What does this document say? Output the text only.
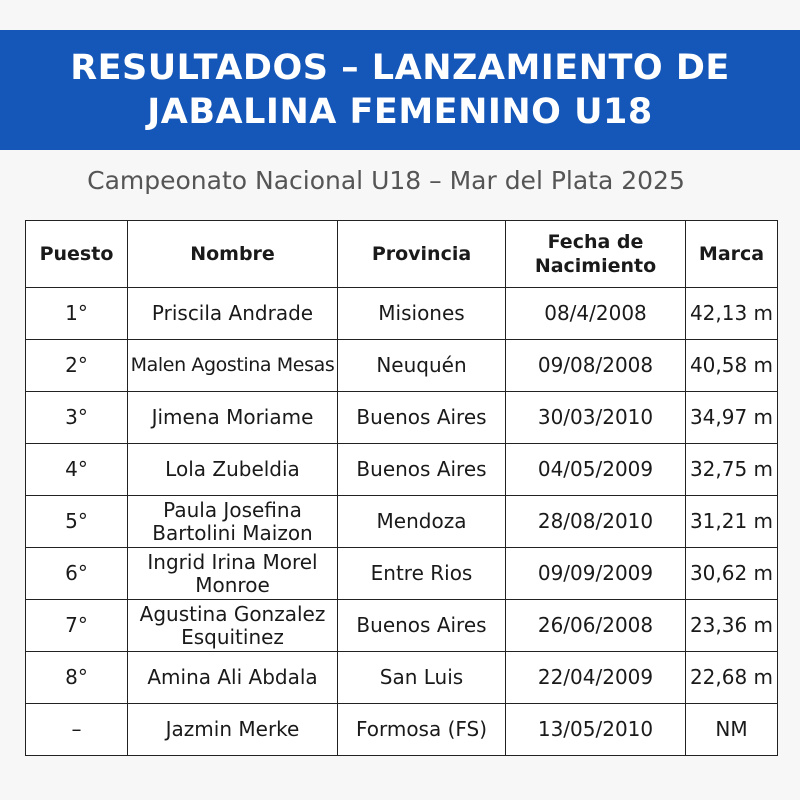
RESULTADOS – LANZAMIENTO DE
JABALINA FEMENINO U18
Campeonato Nacional U18 – Mar del Plata 2025
Puesto	Nombre	Provincia	Fecha de Nacimiento	Marca
1°	Priscila Andrade	Misiones	08/4/2008	42,13 m
2°	Malen Agostina Mesas	Neuquén	09/08/2008	40,58 m
3°	Jimena Moriame	Buenos Aires	30/03/2010	34,97 m
4°	Lola Zubeldia	Buenos Aires	04/05/2009	32,75 m
5°	Paula Josefina Bartolini Maizon	Mendoza	28/08/2010	31,21 m
6°	Ingrid Irina Morel Monroe	Entre Rios	09/09/2009	30,62 m
7°	Agustina Gonzalez Esquitinez	Buenos Aires	26/06/2008	23,36 m
8°	Amina Ali Abdala	San Luis	22/04/2009	22,68 m
–	Jazmin Merke	Formosa (FS)	13/05/2010	NM
